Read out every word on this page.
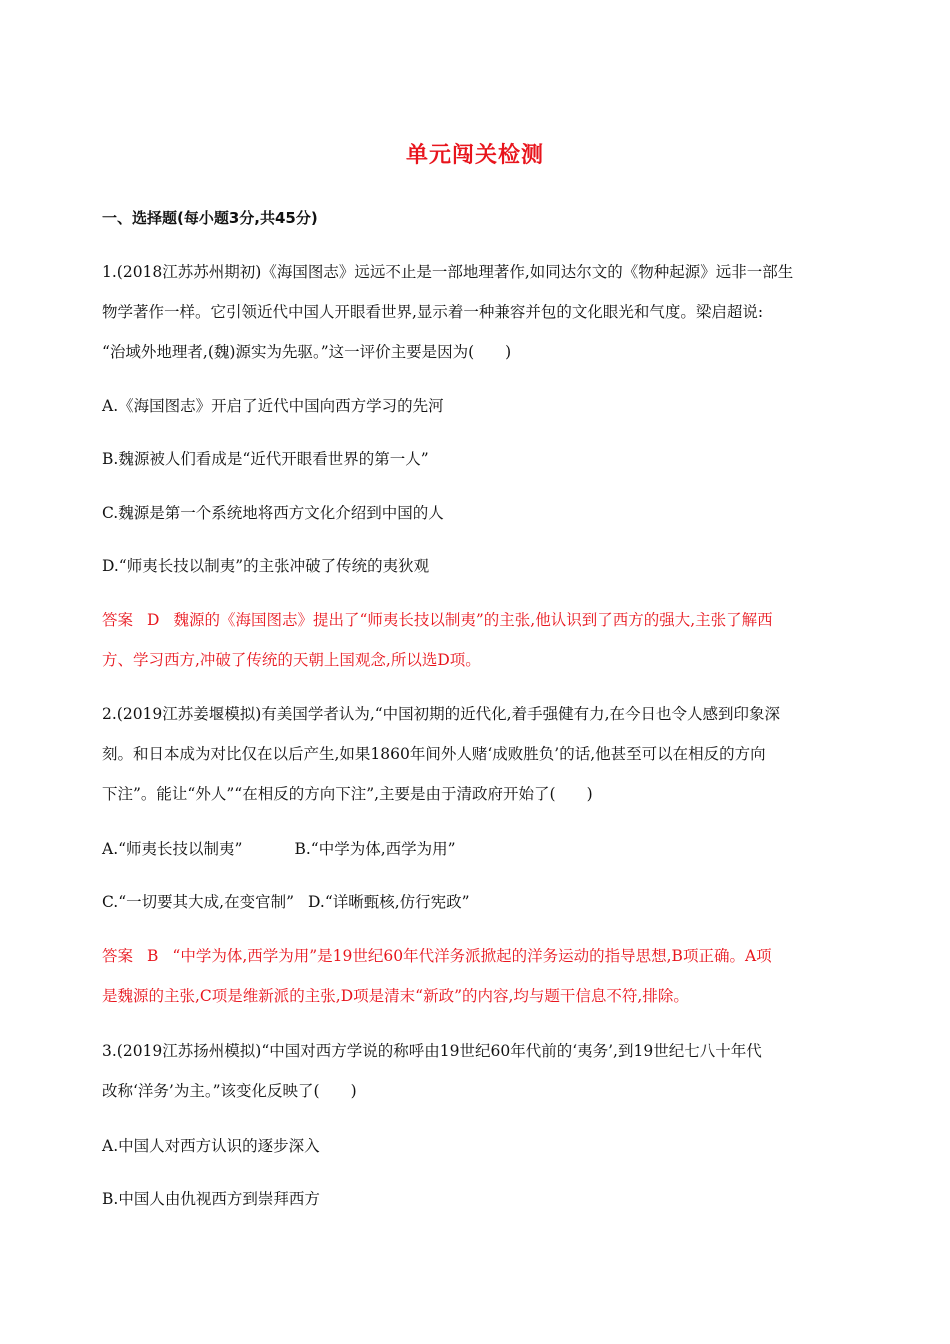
单元闯关检测
一、选择题(每小题3分,共45分)
1.(2018江苏苏州期初)《海国图志》远远不止是一部地理著作,如同达尔文的《物种起源》远非一部生
物学著作一样。它引领近代中国人开眼看世界,显示着一种兼容并包的文化眼光和气度。梁启超说:
“治域外地理者,(魏)源实为先驱。”这一评价主要是因为(　　)
A.《海国图志》开启了近代中国向西方学习的先河
B.魏源被人们看成是“近代开眼看世界的第一人”
C.魏源是第一个系统地将西方文化介绍到中国的人
D.“师夷长技以制夷”的主张冲破了传统的夷狄观
答案 D 魏源的《海国图志》提出了“师夷长技以制夷”的主张,他认识到了西方的强大,主张了解西
方、学习西方,冲破了传统的天朝上国观念,所以选D项。
2.(2019江苏姜堰模拟)有美国学者认为,“中国初期的近代化,着手强健有力,在今日也令人感到印象深
刻。和日本成为对比仅在以后产生,如果1860年间外人赌‘成败胜负’的话,他甚至可以在相反的方向
下注”。能让“外人”“在相反的方向下注”,主要是由于清政府开始了(　　)
A.“师夷长技以制夷”	B.“中学为体,西学为用”
C.“一切要其大成,在变官制” D.“详晰甄核,仿行宪政”
答案 B “中学为体,西学为用”是19世纪60年代洋务派掀起的洋务运动的指导思想,B项正确。A项
是魏源的主张,C项是维新派的主张,D项是清末“新政”的内容,均与题干信息不符,排除。
3.(2019江苏扬州模拟)“中国对西方学说的称呼由19世纪60年代前的‘夷务’,到19世纪七八十年代
改称‘洋务’为主。”该变化反映了(　　)
A.中国人对西方认识的逐步深入
B.中国人由仇视西方到崇拜西方
